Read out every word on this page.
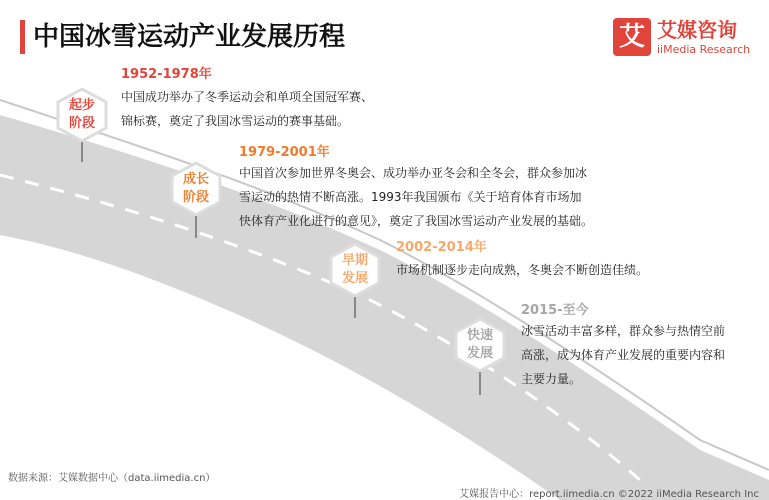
中国冰雪运动产业发展历程	艾 艾媒咨询
iiMedia Research
起步
阶段
1952-1978年
中国成功举办了冬季运动会和单项全国冠军赛、
锦标赛，奠定了我国冰雪运动的赛事基础。
成长
阶段
1979-2001年
中国首次参加世界冬奥会、成功举办亚冬会和全冬会，群众参加冰
雪运动的热情不断高涨。1993年我国颁布《关于培育体育市场加
快体育产业化进行的意见》，奠定了我国冰雪运动产业发展的基础。
早期
发展
2002-2014年
市场机制逐步走向成熟，冬奥会不断创造佳绩。
快速
发展
2015-至今
冰雪活动丰富多样，群众参与热情空前
高涨，成为体育产业发展的重要内容和
主要力量。
数据来源：艾媒数据中心（data.iimedia.cn）
艾媒报告中心：report.iimedia.cn ©2022 iiMedia Research Inc
